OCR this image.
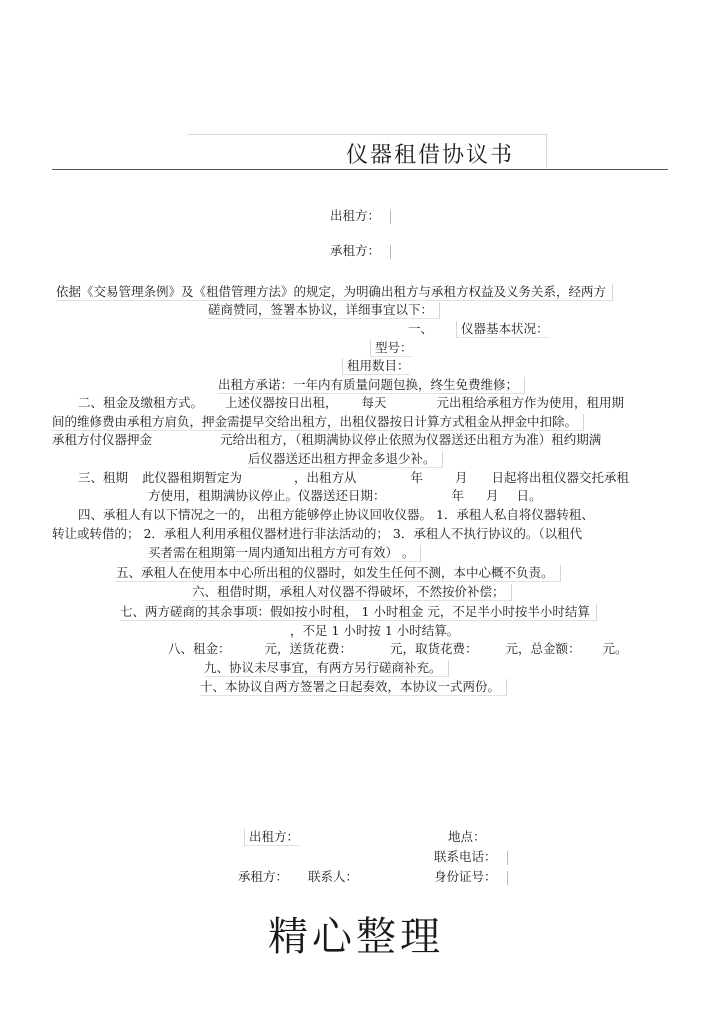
仪器租借协议书
出租方：
承租方：
依据《交易管理条例》及《租借管理方法》的规定，为明确出租方与承租方权益及义务关系，经两方
磋商赞同，签署本协议，详细事宜以下：
一、	仪器基本状况：
型号：
租用数目：
出租方承诺：一年内有质量问题包换，终生免费维修；
二、租金及缴租方式。 上述仪器按日出租， 每天	元出租给承租方作为使用，租用期
间的维修费由承租方肩负，押金需提早交给出租方，出租仪器按日计算方式租金从押金中扣除。
承租方付仪器押金	元给出租方，（租期满协议停止依照为仪器送还出租方为准）租约期满
后仪器送还出租方押金多退少补。
三、租期 此仪器租期暂定为	，出租方从	年	月 日起将出租仪器交托承租
方使用，租期满协议停止。仪器送还日期：	年 月 日。
四、承租人有以下情况之一的， 出租方能够停止协议回收仪器。 1．承租人私自将仪器转租、
转让或转借的； 2．承租人利用承租仪器材进行非法活动的； 3．承租人不执行协议的。（以租代
买者需在租期第一周内通知出租方方可有效） 。
五、承租人在使用本中心所出租的仪器时，如发生任何不测，本中心概不负责。
六、租借时期，承租人对仪器不得破坏，不然按价补偿；
七、两方磋商的其余事项：假如按小时租， 1 小时租金 元，不足半小时按半小时结算
，不足 1 小时按 1 小时结算。
八、租金：	元，送货花费：	元，取货花费： 元，总金额： 元。
九、协议未尽事宜，有两方另行磋商补充。
十、本协议自两方签署之日起奏效，本协议一式两份。
出租方：	地点：
联系电话：
承租方： 联系人：	身份证号：
精心整理
